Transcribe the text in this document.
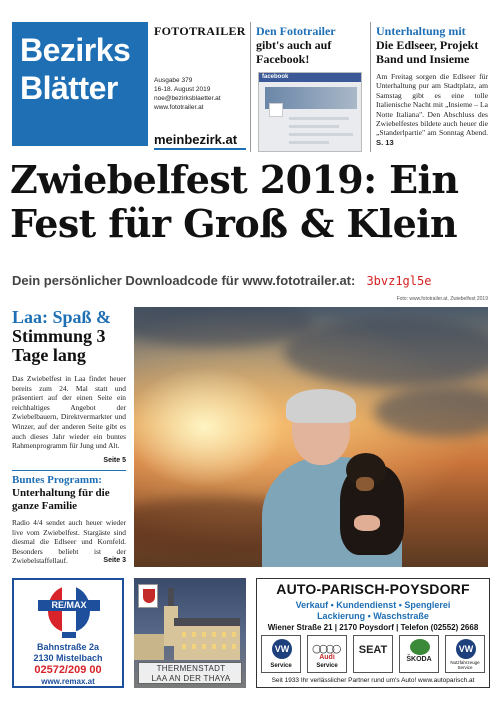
Bezirks
Blätter
FOTOTRAILER
Ausgabe 379
16-18. August 2019
noe@bezirksblaetter.at
www.fototrailer.at
meinbezirk.at
Den Fototrailer
gibt's auch auf Facebook!
facebook
Unterhaltung mit
Die Edlseer, Projekt Band und Insieme
Am Freitag sorgen die Edlseer für Unterhaltung pur am Stadtplatz, am Samstag gibt es eine tolle Italienische Nacht mit „Insieme – La Notte Italiana". Den Abschluss des Zwiebelfestes bildete auch heuer die „Standerlpartie" am Sonntag Abend. S. 13
Zwiebelfest 2019: Ein Fest für Groß & Klein
Dein persönlicher Downloadcode für www.fototrailer.at: 3bvz1gl5e
Foto: www.fototrailer.at, Zwiebelfest 2019
Laa: Spaß &
Stimmung 3 Tage lang

Das Zwiebelfest in Laa findet heuer bereits zum 24. Mal statt und präsentiert auf der einen Seite ein reichhaltiges Angebot der Zwiebelbauern, Direktvermarkter und Winzer, auf der anderen Seite gibt es auch dieses Jahr wieder ein buntes Rahmenprogramm für Jung und Alt.

Seite 5
Buntes Programm:
Unterhaltung für die ganze Familie

Radio 4/4 sendet auch heuer wieder live vom Zwiebelfest. Stargäste sind diesmal die Edlseer und Kornfeld. Besonders beliebt ist der Zwiebelstaffellauf.	Seite 3
RE/MAX
Bahnstraße 2a
2130 Mistelbach
02572/209 00
www.remax.at
THERMENSTADT
LAA AN DER THAYA
AUTO-PARISCH-POYSDORF
Verkauf • Kundendienst • Spenglerei
Lackierung • Waschstraße
Wiener Straße 21 | 2170 Poysdorf | Telefon (02552) 2668
VW
Service
○○○○
Audi
Service
SEAT
ŠKODA
VW
Nutzfahrzeuge Service
Seit 1933 Ihr verlässlicher Partner rund um's Auto! www.autoparisch.at
